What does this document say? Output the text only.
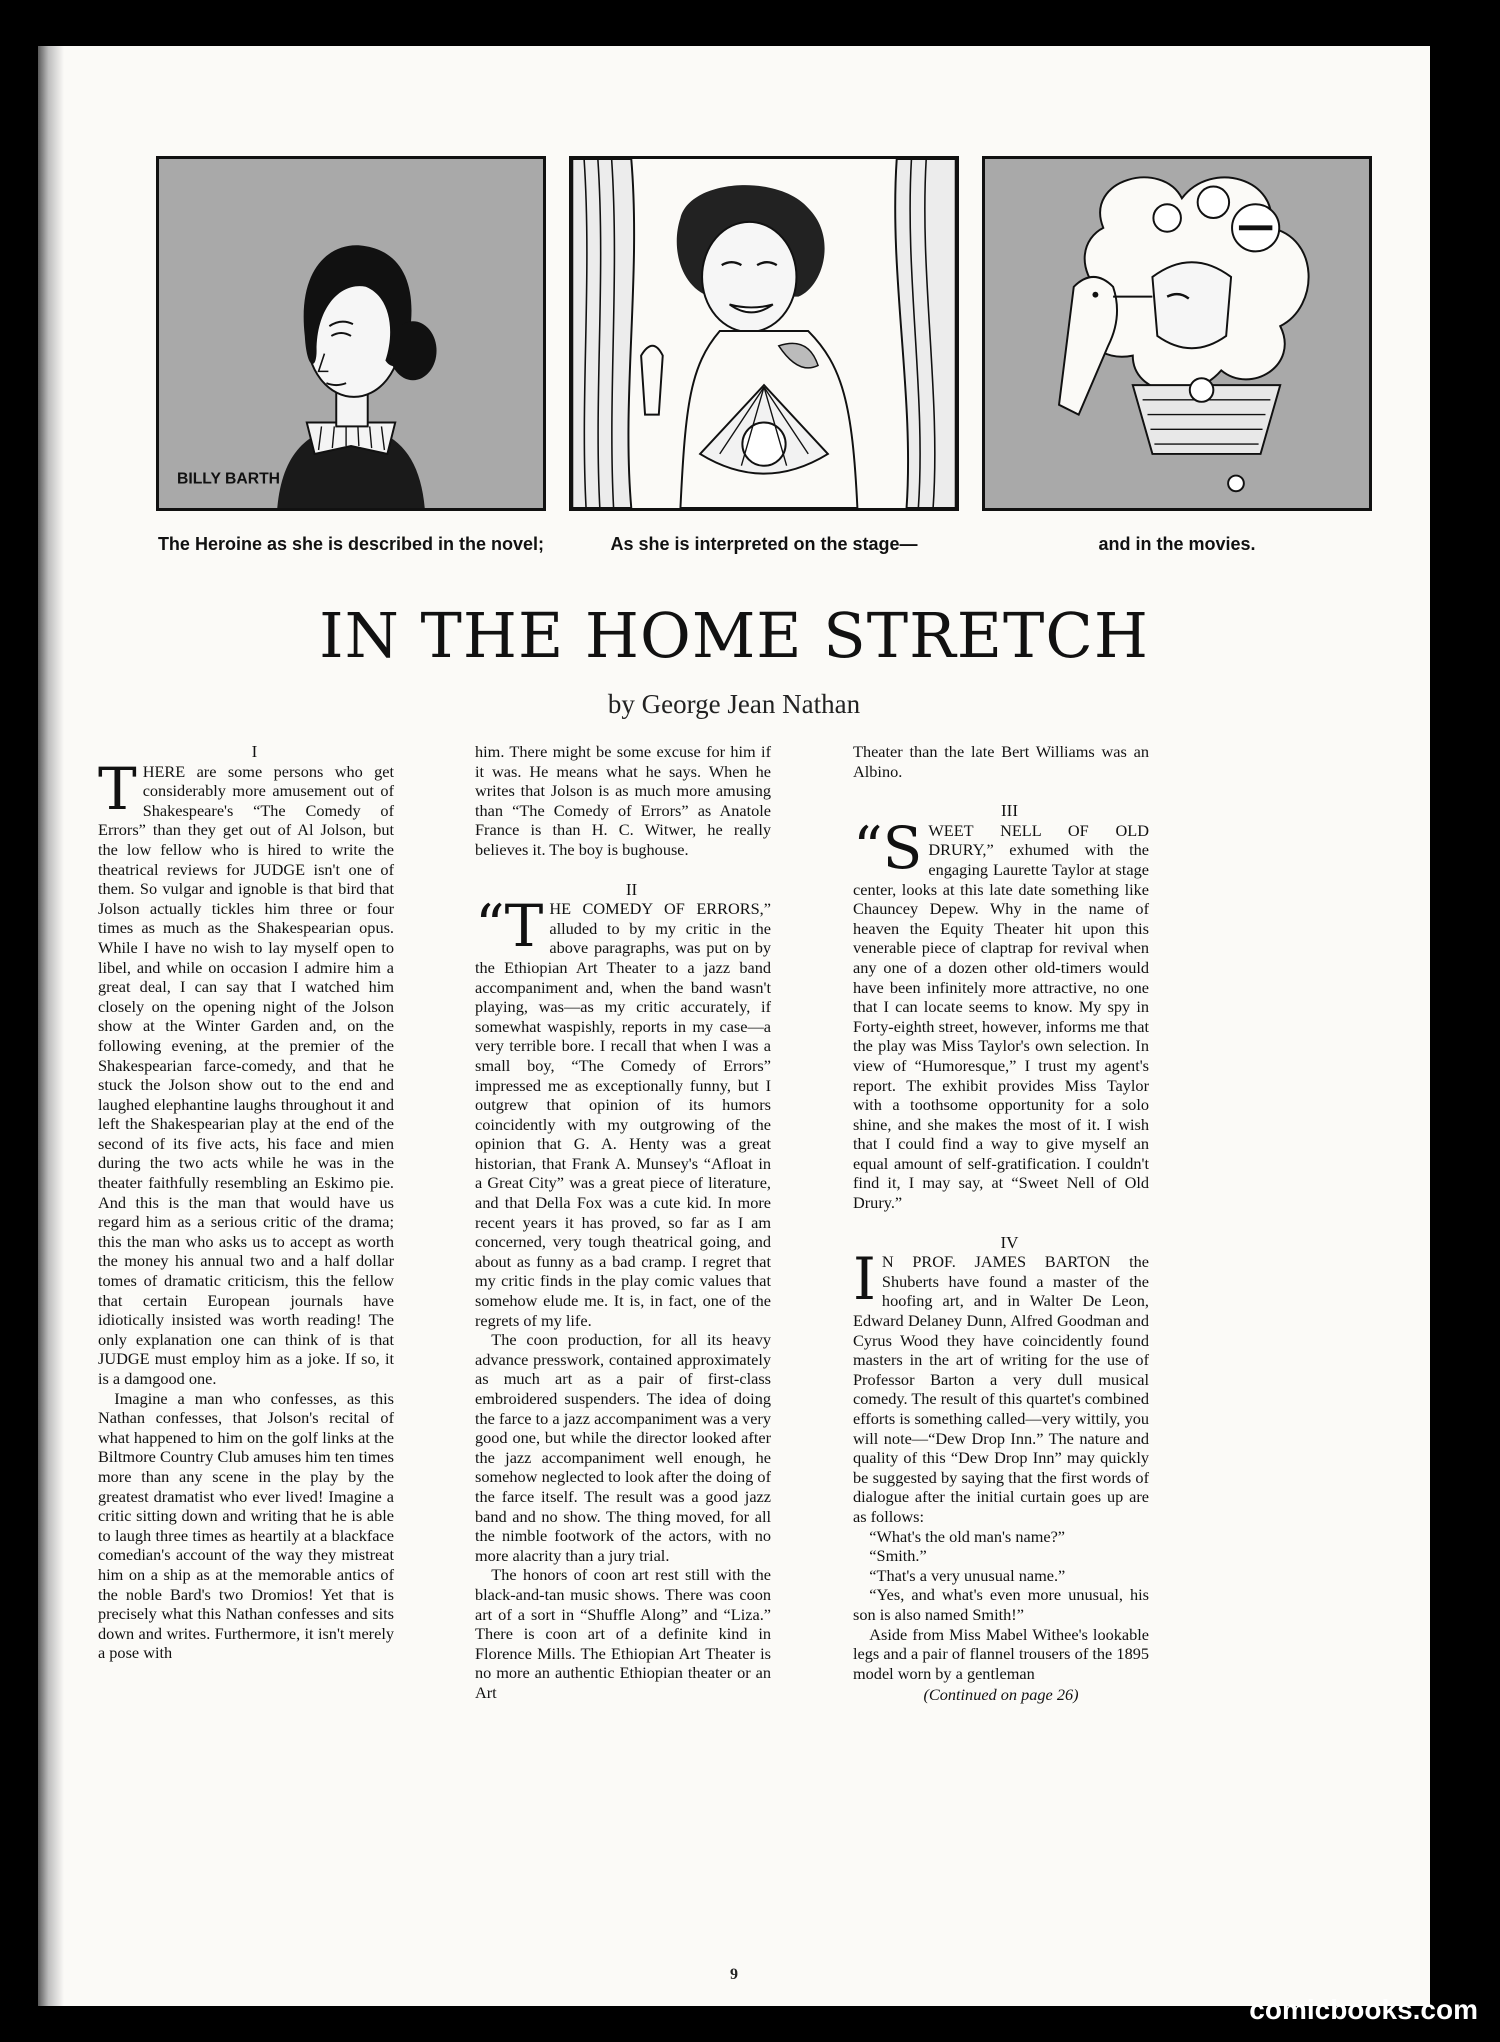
BILLY BARTH
The Heroine as she is described in the novel;	As she is interpreted on the stage—	and in the movies.
IN THE HOME STRETCH
by George Jean Nathan

I

THERE are some persons who get considerably more amusement out of Shakespeare's “The Comedy of Errors” than they get out of Al Jolson, but the low fellow who is hired to write the theatrical reviews for JUDGE isn't one of them. So vulgar and ignoble is that bird that Jolson actually tickles him three or four times as much as the Shakespearian opus. While I have no wish to lay myself open to libel, and while on occasion I admire him a great deal, I can say that I watched him closely on the opening night of the Jolson show at the Winter Garden and, on the following evening, at the premier of the Shakespearian farce-comedy, and that he stuck the Jolson show out to the end and laughed elephantine laughs throughout it and left the Shakespearian play at the end of the second of its five acts, his face and mien during the two acts while he was in the theater faithfully resembling an Eskimo pie. And this is the man that would have us regard him as a serious critic of the drama; this the man who asks us to accept as worth the money his annual two and a half dollar tomes of dramatic criticism, this the fellow that certain European journals have idiotically insisted was worth reading! The only explanation one can think of is that JUDGE must employ him as a joke. If so, it is a damgood one.

Imagine a man who confesses, as this Nathan confesses, that Jolson's recital of what happened to him on the golf links at the Biltmore Country Club amuses him ten times more than any scene in the play by the greatest dramatist who ever lived! Imagine a critic sitting down and writing that he is able to laugh three times as heartily at a blackface comedian's account of the way they mistreat him on a ship as at the memorable antics of the noble Bard's two Dromios! Yet that is precisely what this Nathan confesses and sits down and writes. Furthermore, it isn't merely a pose with

him. There might be some excuse for him if it was. He means what he says. When he writes that Jolson is as much more amusing than “The Comedy of Errors” as Anatole France is than H. C. Witwer, he really believes it. The boy is bughouse.

II

“THE COMEDY OF ERRORS,” alluded to by my critic in the above paragraphs, was put on by the Ethiopian Art Theater to a jazz band accompaniment and, when the band wasn't playing, was—as my critic accurately, if somewhat waspishly, reports in my case—a very terrible bore. I recall that when I was a small boy, “The Comedy of Errors” impressed me as exceptionally funny, but I outgrew that opinion of its humors coincidently with my outgrowing of the opinion that G. A. Henty was a great historian, that Frank A. Munsey's “Afloat in a Great City” was a great piece of literature, and that Della Fox was a cute kid. In more recent years it has proved, so far as I am concerned, very tough theatrical going, and about as funny as a bad cramp. I regret that my critic finds in the play comic values that somehow elude me. It is, in fact, one of the regrets of my life.

The coon production, for all its heavy advance presswork, contained approximately as much art as a pair of first-class embroidered suspenders. The idea of doing the farce to a jazz accompaniment was a very good one, but while the director looked after the jazz accompaniment well enough, he somehow neglected to look after the doing of the farce itself. The result was a good jazz band and no show. The thing moved, for all the nimble footwork of the actors, with no more alacrity than a jury trial.

The honors of coon art rest still with the black-and-tan music shows. There was coon art of a sort in “Shuffle Along” and “Liza.” There is coon art of a definite kind in Florence Mills. The Ethiopian Art Theater is no more an authentic Ethiopian theater or an Art

Theater than the late Bert Williams was an Albino.

III

“SWEET NELL OF OLD DRURY,” exhumed with the engaging Laurette Taylor at stage center, looks at this late date something like Chauncey Depew. Why in the name of heaven the Equity Theater hit upon this venerable piece of claptrap for revival when any one of a dozen other old-timers would have been infinitely more attractive, no one that I can locate seems to know. My spy in Forty-eighth street, however, informs me that the play was Miss Taylor's own selection. In view of “Humoresque,” I trust my agent's report. The exhibit provides Miss Taylor with a toothsome opportunity for a solo shine, and she makes the most of it. I wish that I could find a way to give myself an equal amount of self-gratification. I couldn't find it, I may say, at “Sweet Nell of Old Drury.”

IV

I N PROF. JAMES BARTON the Shuberts have found a master of the hoofing art, and in Walter De Leon, Edward Delaney Dunn, Alfred Goodman and Cyrus Wood they have coincidently found masters in the art of writing for the use of Professor Barton a very dull musical comedy. The result of this quartet's combined efforts is something called—very wittily, you will note—“Dew Drop Inn.” The nature and quality of this “Dew Drop Inn” may quickly be suggested by saying that the first words of dialogue after the initial curtain goes up are as follows:

“What's the old man's name?”

“Smith.”

“That's a very unusual name.”

“Yes, and what's even more unusual, his son is also named Smith!”

Aside from Miss Mabel Withee's lookable legs and a pair of flannel trousers of the 1895 model worn by a gentleman

(Continued on page 26)

9
comicbooks.com
